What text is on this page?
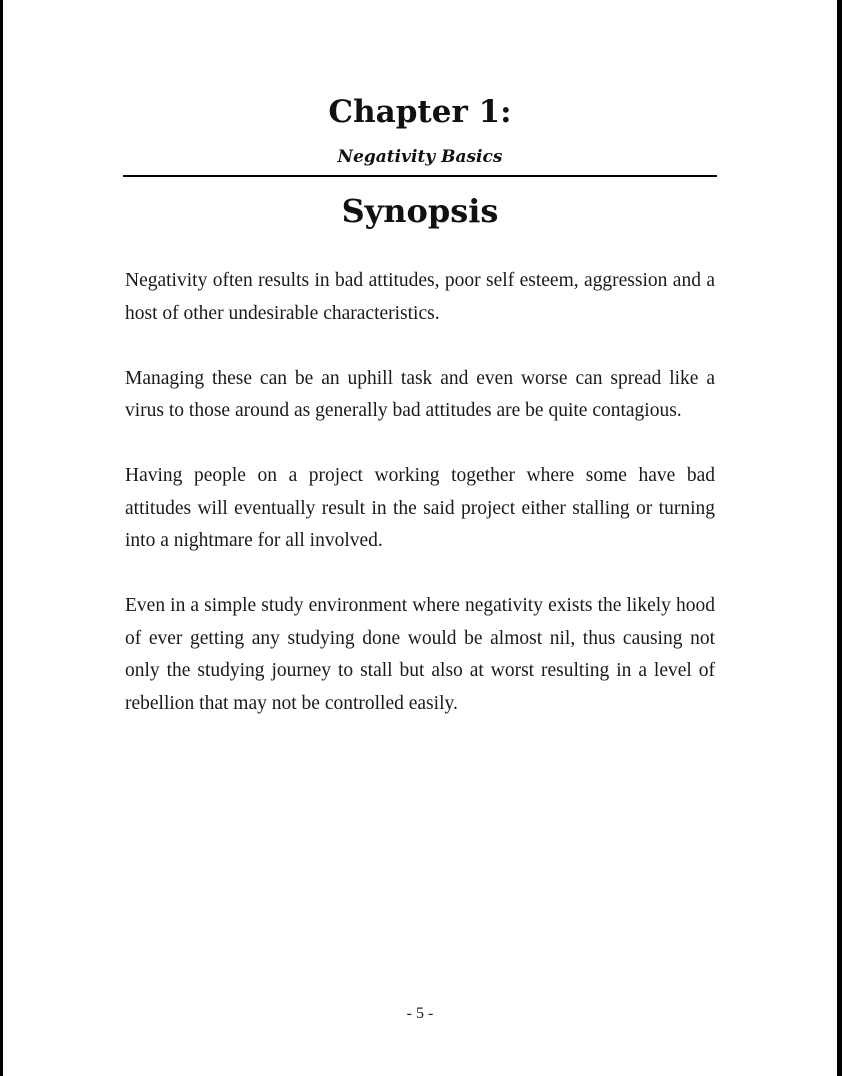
Chapter 1:
Negativity Basics
Synopsis

Negativity often results in bad attitudes, poor self esteem, aggression and a host of other undesirable characteristics.

Managing these can be an uphill task and even worse can spread like a virus to those around as generally bad attitudes are be quite contagious.

Having people on a project working together where some have bad attitudes will eventually result in the said project either stalling or turning into a nightmare for all involved.

Even in a simple study environment where negativity exists the likely hood of ever getting any studying done would be almost nil, thus causing not only the studying journey to stall but also at worst resulting in a level of rebellion that may not be controlled easily.

- 5 -
